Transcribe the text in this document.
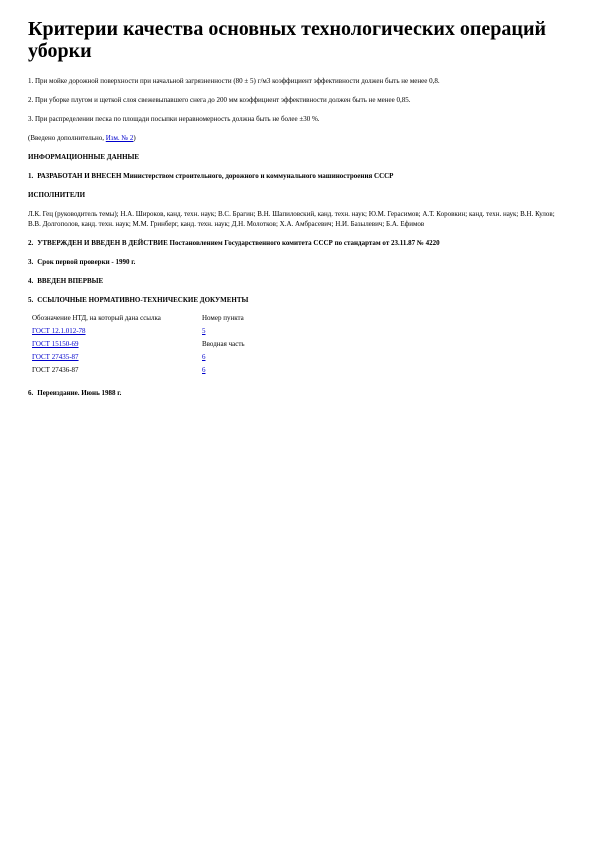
Критерии качества основных технологических операций уборки

1. При мойке дорожной поверхности при начальной загрязненности (80 ± 5) г/м3 коэффициент эффективности должен быть не менее 0,8.

2. При уборке плугом и щеткой слоя свежевыпавшего снега до 200 мм коэффициент эффективности должен быть не менее 0,85.

3. При распределении песка по площади посыпки неравномерность должна быть не более ±30 %.

(Введено дополнительно, Изм. № 2)

ИНФОРМАЦИОННЫЕ ДАННЫЕ

1. РАЗРАБОТАН И ВНЕСЕН Министерством строительного, дорожного и коммунального машиностроения СССР

ИСПОЛНИТЕЛИ

Л.К. Гец (руководитель темы); Н.А. Широков, канд. техн. наук; В.С. Брагин; В.Н. Шапиловский, канд. техн. наук; Ю.М. Герасимов; А.Т. Коровкин; канд. техн. наук; В.Н. Кулов; В.В. Долгополов, канд. техн. наук; М.М. Гринберг, канд. техн. наук; Д.Н. Молотков; Х.А. Амбрасевич; Н.И. Базылевич; Б.А. Ефимов

2. УТВЕРЖДЕН И ВВЕДЕН В ДЕЙСТВИЕ Постановлением Государственного комитета СССР по стандартам от 23.11.87 № 4220

3. Срок первой проверки - 1990 г.

4. ВВЕДЕН ВПЕРВЫЕ

5. ССЫЛОЧНЫЕ НОРМАТИВНО-ТЕХНИЧЕСКИЕ ДОКУМЕНТЫ

Обозначение НТД, на который дана ссылка	Номер пункта
ГОСТ 12.1.012-78	5
ГОСТ 15150-69	Вводная часть
ГОСТ 27435-87	6
ГОСТ 27436-87	6

6. Переиздание. Июнь 1988 г.
